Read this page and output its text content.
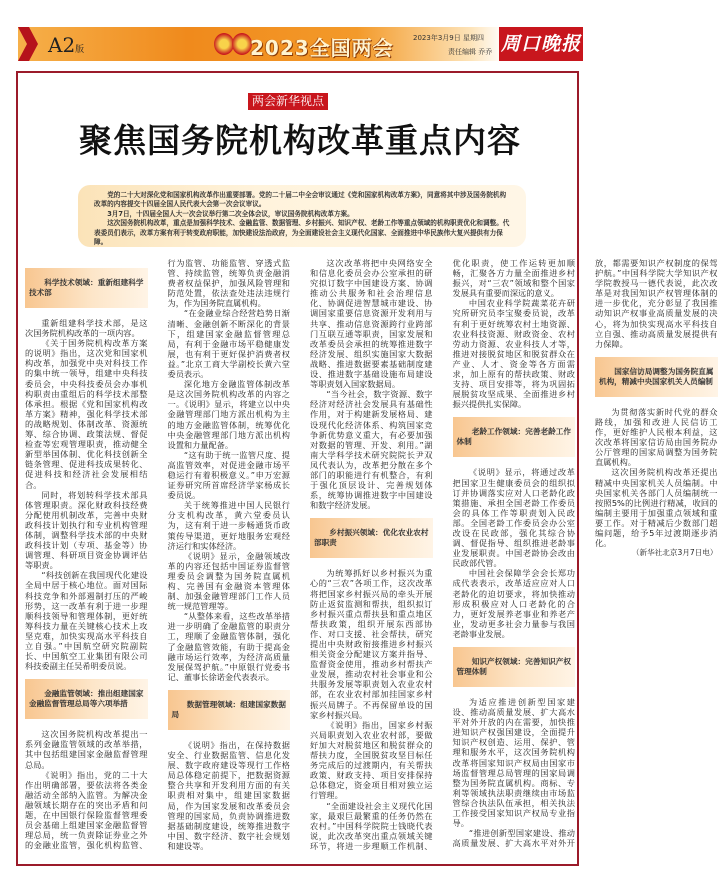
A2版	2023全国两会	2023年3月9日 星期四
责任编辑 乔乔 周口晚报
两会新华视点
聚焦国务院机构改革重点内容

党的二十大对深化党和国家机构改革作出重要部署。党的二十届二中全会审议通过《党和国家机构改革方案》，同意将其中涉及国务院机构改革的内容提交十四届全国人民代表大会第一次会议审议。

3月7日，十四届全国人大一次会议举行第二次全体会议，审议国务院机构改革方案。

这次国务院机构改革，重点是加强科学技术、金融监管、数据管理、乡村振兴、知识产权、老龄工作等重点领域的机构职责优化和调整。代表委员们表示，改革方案有利于转变政府职能，加快建设法治政府，为全面建设社会主义现代化国家、全面推进中华民族伟大复兴提供有力保障。

科学技术领域：重新组建科学技术部

重新组建科学技术部，是这次国务院机构改革的一项内容。

《关于国务院机构改革方案的说明》指出，这次党和国家机构改革，加强党中央对科技工作的集中统一领导，组建中央科技委员会，中央科技委员会办事机构职责由重组后的科学技术部整体承担。根据《党和国家机构改革方案》精神，强化科学技术部的战略规划、体制改革、资源统筹、综合协调、政策法规、督促检查等宏观管理职责，推动健全新型举国体制、优化科技创新全链条管理、促进科技成果转化、促进科技和经济社会发展相结合。

同时，将划转科学技术部具体管理职责。深化财政科技经费分配使用机制改革，完善中央财政科技计划执行和专业机构管理体制，调整科学技术部的中央财政科技计划（专项、基金等）协调管理、科研项目资金协调评估等职责。

“科技创新在我国现代化建设全局中居于核心地位。面对国际科技竞争和外部遏制打压的严峻形势，这一改革有利于进一步理顺科技领导和管理体制，更好统筹科技力量在关键核心技术上攻坚克难，加快实现高水平科技自立自强。”中国航空研究院副院长、中国航空工业集团有限公司科技委副主任吴希明委员说。

金融监管领域：推出组建国家金融监督管理总局等六项举措

这次国务院机构改革提出一系列金融监管领域的改革举措，其中包括组建国家金融监督管理总局。

《说明》指出，党的二十大作出明确部署，要依法将各类金融活动全部纳入监管。为解决金融领域长期存在的突出矛盾和问题，在中国银行保险监督管理委员会基础上组建国家金融监督管理总局，统一负责除证券业之外的金融业监管，强化机构监管、行为监管、功能监管、穿透式监管、持续监管，统筹负责金融消费者权益保护，加强风险管理和防范处置，依法查处违法违规行为，作为国务院直属机构。

“在金融业综合经营趋势日渐清晰、金融创新不断深化的背景下，组建国家金融监督管理总局，有利于金融市场平稳健康发展，也有利于更好保护消费者权益。”北京工商大学副校长黄六堂委员表示。

深化地方金融监管体制改革是这次国务院机构改革的内容之一。《说明》显示，将建立以中央金融管理部门地方派出机构为主的地方金融监管体制，统筹优化中央金融管理部门地方派出机构设置和力量配备。

“这有助于统一监管尺度、提高监管效率，对促进金融市场平稳运行有着积极意义。”申万宏源证券研究所首席经济学家杨成长委员说。

关于统筹推进中国人民银行分支机构改革，黄六堂委员认为，这有利于进一步畅通货币政策传导渠道，更好地服务宏观经济运行和实体经济。

《说明》显示，金融领域改革的内容还包括中国证券监督管理委员会调整为国务院直属机构、完善国有金融资本管理体制、加强金融管理部门工作人员统一规范管理等。

“从整体来看，这些改革举措进一步明确了金融监管的职责分工，理顺了金融监管体制，强化了金融监管效能，有助于提高金融市场运行效率，为经济高质量发展保驾护航。”中原银行党委书记、董事长徐诺金代表表示。

数据管理领域：组建国家数据局

《说明》指出，在保持数据安全、行业数据监管、信息化发展、数字政府建设等现行工作格局总体稳定前提下，把数据资源整合共享和开发利用方面的有关职责相对集中，组建国家数据局，作为国家发展和改革委员会管理的国家局，负责协调推进数据基础制度建设，统筹推进数字中国、数字经济、数字社会规划和建设等。

这次改革将把中央网络安全和信息化委员会办公室承担的研究拟订数字中国建设方案、协调推动公共服务和社会治理信息化、协调促进智慧城市建设、协调国家重要信息资源开发利用与共享、推动信息资源跨行业跨部门互联互通等职责，国家发展和改革委员会承担的统筹推进数字经济发展、组织实施国家大数据战略、推进数据要素基础制度建设、推进数字基础设施布局建设等职责划入国家数据局。

“当今社会，数字资源、数字经济对经济社会发展具有基础性作用，对于构建新发展格局、建设现代化经济体系、构筑国家竞争新优势意义重大，有必要加强对数据的管理、开发、利用。”湖南大学科学技术研究院院长尹双凤代表认为，改革把分散在多个部门的职能进行有机整合，有利于强化顶层设计、完善规划体系，统筹协调推进数字中国建设和数字经济发展。

乡村振兴领域：优化农业农村部职责

为统筹抓好以乡村振兴为重心的“三农”各项工作，这次改革将把国家乡村振兴局的牵头开展防止返贫监测和帮扶，组织拟订乡村振兴重点帮扶县和重点地区帮扶政策，组织开展东西部协作、对口支援、社会帮扶，研究提出中央财政衔接推进乡村振兴相关资金分配建议方案并指导、监督资金使用，推动乡村帮扶产业发展，推动农村社会事业和公共服务发展等职责划入农业农村部，在农业农村部加挂国家乡村振兴局牌子。不再保留单设的国家乡村振兴局。

《说明》指出，国家乡村振兴局职责划入农业农村部，要做好加大对脱贫地区和脱贫群众的帮扶力度，全国脱贫攻坚目标任务完成后的过渡期内，有关帮扶政策、财政支持、项目安排保持总体稳定，资金项目相对独立运行管理。

“全面建设社会主义现代化国家，最艰巨最繁重的任务仍然在农村。”中国科学院院士钱晓代表说，此次改革突出重点领域关键环节，将进一步理顺工作机制、优化职责，使工作运转更加顺畅，汇聚各方力量全面推进乡村振兴，对“三农”领域和整个国家发展具有重要而深远的意义。

中国农业科学院蔬菜花卉研究所研究员李宝聚委员说，改革有利于更好统筹农村土地资源、农业科技资源、财政资金、农村劳动力资源、农业科技人才等，推进对接脱贫地区和脱贫群众在产业、人才、资金等各方面需求，加上原有的帮扶政策、财政支持、项目安排等，将为巩固拓展脱贫攻坚成果、全面推进乡村振兴提供扎实保障。

老龄工作领域：完善老龄工作体制

《说明》显示，将通过改革把国家卫生健康委员会的组织拟订并协调落实应对人口老龄化政策措施、承担全国老龄工作委员会的具体工作等职责划入民政部。全国老龄工作委员会办公室改设在民政部，强化其综合协调、督促指导、组织推进老龄事业发展职责。中国老龄协会改由民政部代管。

中国社会保障学会会长郑功成代表表示，改革适应应对人口老龄化的迫切要求，将加快推动形成积极应对人口老龄化的合力，更好发展养老事业和养老产业，发动更多社会力量参与我国老龄事业发展。

知识产权领域：完善知识产权管理体制

为适应推进创新型国家建设、推动高质量发展、扩大高水平对外开放的内在需要，加快推进知识产权强国建设，全面提升知识产权创造、运用、保护、管理和服务水平，这次国务院机构改革将国家知识产权局由国家市场监督管理总局管理的国家局调整为国务院直属机构。商标、专利等领域执法职责继续由市场监管综合执法队伍承担，相关执法工作接受国家知识产权局专业指导。

“推进创新型国家建设、推动高质量发展、扩大高水平对外开放，都需要知识产权制度的保驾护航。”中国科学院大学知识产权学院教授马一德代表说，此次改革是对我国知识产权管理体制的进一步优化，充分彰显了我国推动知识产权事业高质量发展的决心，将为加快实现高水平科技自立自强、推动高质量发展提供有力保障。

国家信访局调整为国务院直属机构，精减中央国家机关人员编制

为贯彻落实新时代党的群众路线，加强和改进人民信访工作，更好维护人民根本利益，这次改革将国家信访局由国务院办公厅管理的国家局调整为国务院直属机构。

这次国务院机构改革还提出精减中央国家机关人员编制。中央国家机关各部门人员编制统一按照5%的比例进行精减，收回的编制主要用于加强重点领域和重要工作。对于精减后少数部门超编问题，给予5年过渡期逐步消化。

（新华社北京3月7日电）
